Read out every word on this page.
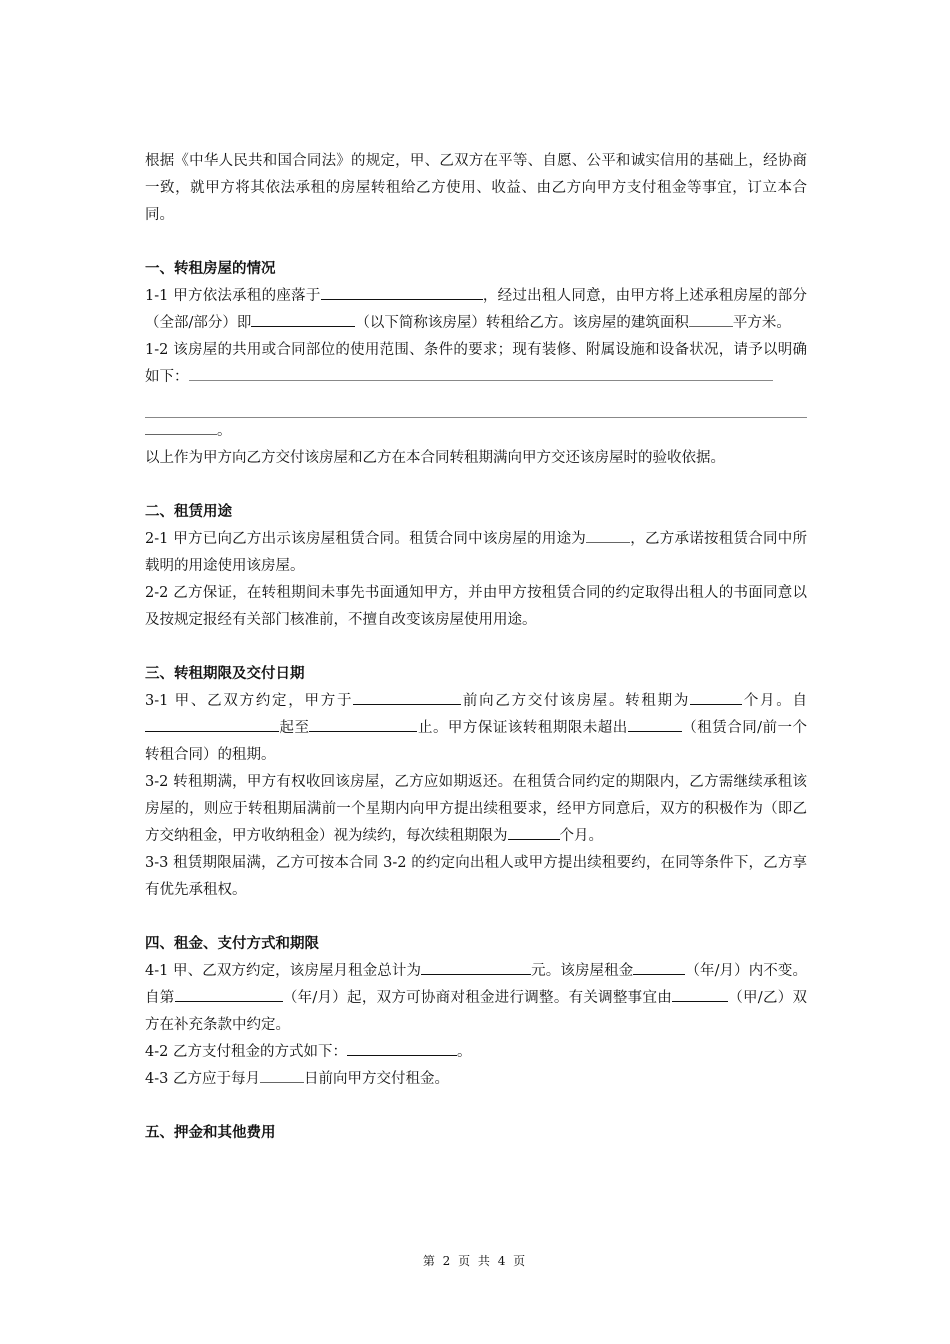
根据《中华人民共和国合同法》的规定，甲、乙双方在平等、自愿、公平和诚实信用的基础上，经协商一致，就甲方将其依法承租的房屋转租给乙方使用、收益、由乙方向甲方支付租金等事宜，订立本合同。

一、转租房屋的情况

1-1 甲方依法承租的座落于	，经过出租人同意，由甲方将上述承租房屋的部分（全部/部分）即	（以下简称该房屋）转租给乙方。该房屋的建筑面积	平方米。

1-2 该房屋的共用或合同部位的使用范围、条件的要求；现有装修、附属设施和设备状况，请予以明确如下：

。

以上作为甲方向乙方交付该房屋和乙方在本合同转租期满向甲方交还该房屋时的验收依据。

二、租赁用途

2-1 甲方已向乙方出示该房屋租赁合同。租赁合同中该房屋的用途为	，乙方承诺按租赁合同中所载明的用途使用该房屋。

2-2 乙方保证，在转租期间未事先书面通知甲方，并由甲方按租赁合同的约定取得出租人的书面同意以及按规定报经有关部门核准前，不擅自改变该房屋使用用途。

三、转租期限及交付日期

3-1 甲、乙双方约定，甲方于	前向乙方交付该房屋。转租期为	个月。自起至	止。甲方保证该转租期限未超出	（租赁合同/前一个转租合同）的租期。

3-2 转租期满，甲方有权收回该房屋，乙方应如期返还。在租赁合同约定的期限内，乙方需继续承租该房屋的，则应于转租期届满前一个星期内向甲方提出续租要求，经甲方同意后，双方的积极作为（即乙方交纳租金，甲方收纳租金）视为续约，每次续租期限为	个月。

3-3 租赁期限届满，乙方可按本合同 3-2 的约定向出租人或甲方提出续租要约，在同等条件下，乙方享有优先承租权。

四、租金、支付方式和期限

4-1 甲、乙双方约定，该房屋月租金总计为	元。该房屋租金	（年/月）内不变。自第	（年/月）起，双方可协商对租金进行调整。有关调整事宜由	（甲/乙）双方在补充条款中约定。

4-2 乙方支付租金的方式如下：	。

4-3 乙方应于每月	日前向甲方交付租金。

五、押金和其他费用

第 2 页 共 4 页
